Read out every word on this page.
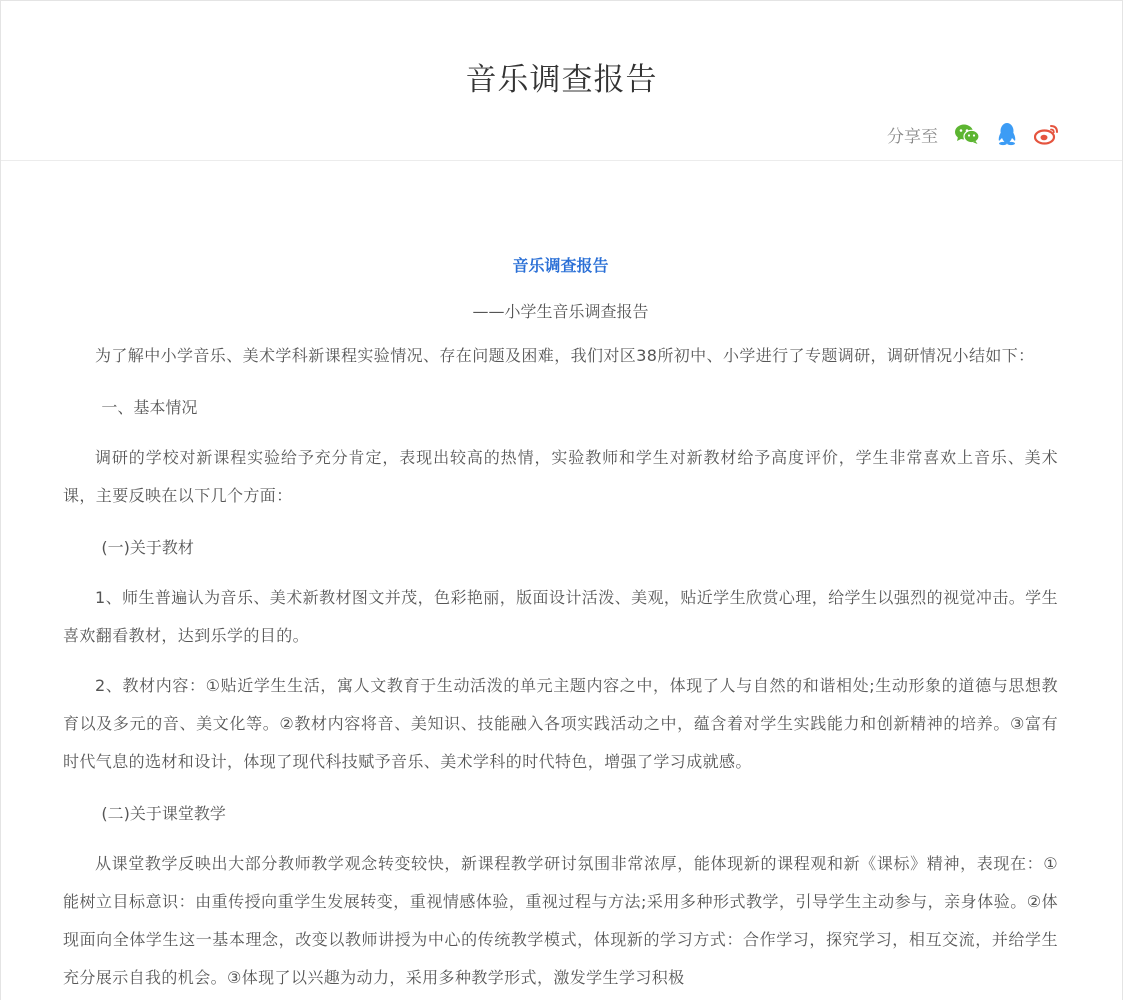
音乐调查报告
分享至
音乐调查报告
——小学生音乐调查报告

为了解中小学音乐、美术学科新课程实验情况、存在问题及困难，我们对区38所初中、小学进行了专题调研，调研情况小结如下：

一、基本情况

调研的学校对新课程实验给予充分肯定，表现出较高的热情，实验教师和学生对新教材给予高度评价，学生非常喜欢上音乐、美术课，主要反映在以下几个方面：

(一)关于教材

1、师生普遍认为音乐、美术新教材图文并茂，色彩艳丽，版面设计活泼、美观，贴近学生欣赏心理，给学生以强烈的视觉冲击。学生喜欢翻看教材，达到乐学的目的。

2、教材内容：①贴近学生生活，寓人文教育于生动活泼的单元主题内容之中，体现了人与自然的和谐相处;生动形象的道德与思想教育以及多元的音、美文化等。②教材内容将音、美知识、技能融入各项实践活动之中，蕴含着对学生实践能力和创新精神的培养。③富有时代气息的选材和设计，体现了现代科技赋予音乐、美术学科的时代特色，增强了学习成就感。

(二)关于课堂教学

从课堂教学反映出大部分教师教学观念转变较快，新课程教学研讨氛围非常浓厚，能体现新的课程观和新《课标》精神，表现在：①能树立目标意识：由重传授向重学生发展转变，重视情感体验，重视过程与方法;采用多种形式教学，引导学生主动参与，亲身体验。②体现面向全体学生这一基本理念，改变以教师讲授为中心的传统教学模式，体现新的学习方式：合作学习，探究学习，相互交流，并给学生充分展示自我的机会。③体现了以兴趣为动力，采用多种教学形式，激发学生学习积极
